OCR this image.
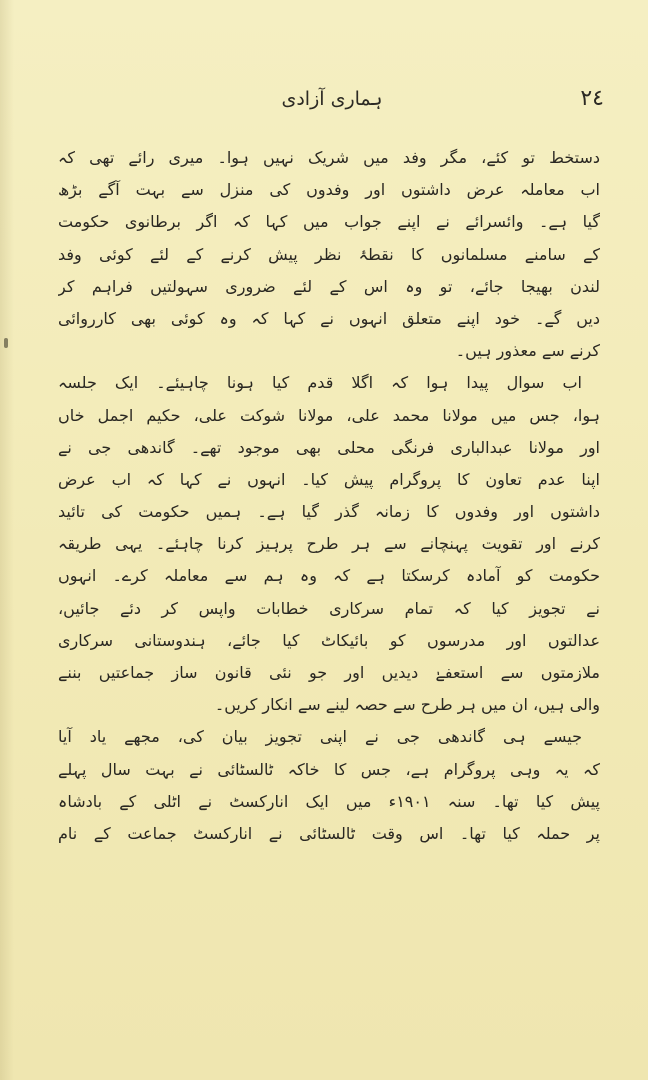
٢٤
ہماری آزادی
دستخط تو کئے، مگر وفد میں شریک نہیں ہوا۔ میری رائے تھی کہ
اب معاملہ عرض داشتوں اور وفدوں کی منزل سے بہت آگے بڑھ
گیا ہے۔ وائسرائے نے اپنے جواب میں کہا کہ اگر برطانوی حکومت
کے سامنے مسلمانوں کا نقطۂ نظر پیش کرنے کے لئے کوئی وفد
لندن بھیجا جائے، تو وہ اس کے لئے ضروری سہولتیں فراہم کر
دیں گے۔ خود اپنے متعلق انہوں نے کہا کہ وہ کوئی بھی کارروائی
کرنے سے معذور ہیں۔
اب سوال پیدا ہوا کہ اگلا قدم کیا ہونا چاہیئے۔ ایک جلسہ
ہوا، جس میں مولانا محمد علی، مولانا شوکت علی، حکیم اجمل خاں
اور مولانا عبدالباری فرنگی محلی بھی موجود تھے۔ گاندھی جی نے
اپنا عدم تعاون کا پروگرام پیش کیا۔ انہوں نے کہا کہ اب عرض
داشتوں اور وفدوں کا زمانہ گذر گیا ہے۔ ہمیں حکومت کی تائید
کرنے اور تقویت پہنچانے سے ہر طرح پرہیز کرنا چاہئے۔ یہی طریقہ
حکومت کو آمادہ کرسکتا ہے کہ وہ ہم سے معاملہ کرے۔ انہوں
نے تجویز کیا کہ تمام سرکاری خطابات واپس کر دئے جائیں،
عدالتوں اور مدرسوں کو بائیکاٹ کیا جائے، ہندوستانی سرکاری
ملازمتوں سے استعفےٰ دیدیں اور جو نئی قانون ساز جماعتیں بننے
والی ہیں، ان میں ہر طرح سے حصہ لینے سے انکار کریں۔
جیسے ہی گاندھی جی نے اپنی تجویز بیان کی، مجھے یاد آیا
کہ یہ وہی پروگرام ہے، جس کا خاکہ ٹالسٹائی نے بہت سال پہلے
پیش کیا تھا۔ سنہ ۱۹۰۱ء میں ایک انارکسٹ نے اٹلی کے بادشاہ
پر حملہ کیا تھا۔ اس وقت ٹالسٹائی نے انارکسٹ جماعت کے نام
